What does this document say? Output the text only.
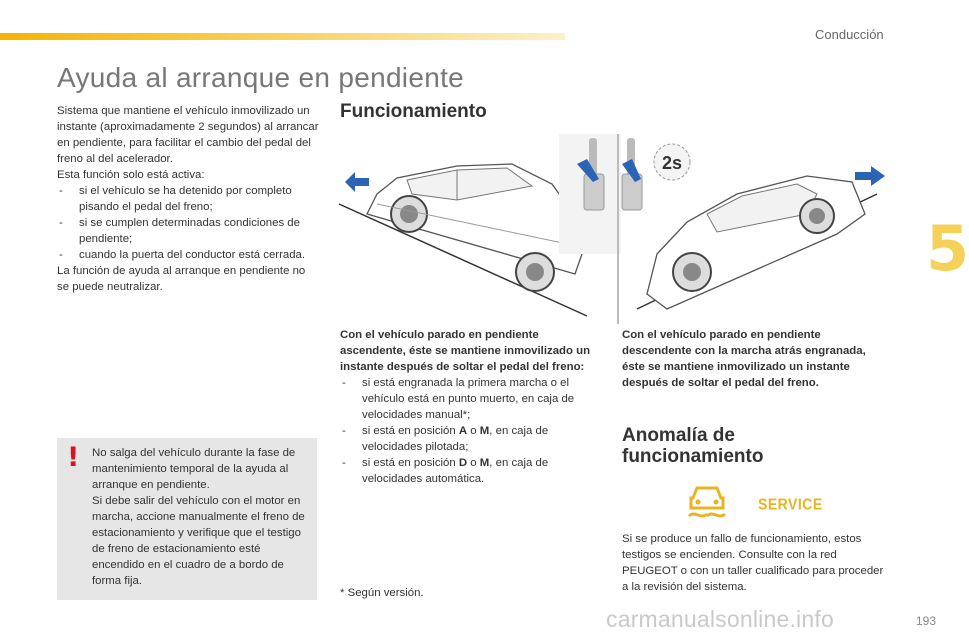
Conducción
Ayuda al arranque en pendiente

Sistema que mantiene el vehículo inmovilizado un instante (aproximadamente 2 segundos) al arrancar en pendiente, para facilitar el cambio del pedal del freno al del acelerador.

Esta función solo está activa:

- si el vehículo se ha detenido por completo pisando el pedal del freno;
- si se cumplen determinadas condiciones de pendiente;
- cuando la puerta del conductor está cerrada.

La función de ayuda al arranque en pendiente no se puede neutralizar.

Funcionamiento
2s

Con el vehículo parado en pendiente ascendente, éste se mantiene inmovilizado un instante después de soltar el pedal del freno:

- si está engranada la primera marcha o el vehículo está en punto muerto, en caja de velocidades manual*;
- si está en posición A o M, en caja de velocidades pilotada;
- si está en posición D o M, en caja de velocidades automática.

Con el vehículo parado en pendiente descendente con la marcha atrás engranada, éste se mantiene inmovilizado un instante después de soltar el pedal del freno.

Anomalía de funcionamiento
! No salga del vehículo durante la fase de mantenimiento temporal de la ayuda al arranque en pendiente.

Si debe salir del vehículo con el motor en marcha, accione manualmente el freno de estacionamiento y verifique que el testigo de freno de estacionamiento esté encendido en el cuadro de a bordo de forma fija.

* Según versión.
SERVICE

Si se produce un fallo de funcionamiento, estos testigos se encienden. Consulte con la red PEUGEOT o con un taller cualificado para proceder a la revisión del sistema.

5
193
carmanualsonline.info
